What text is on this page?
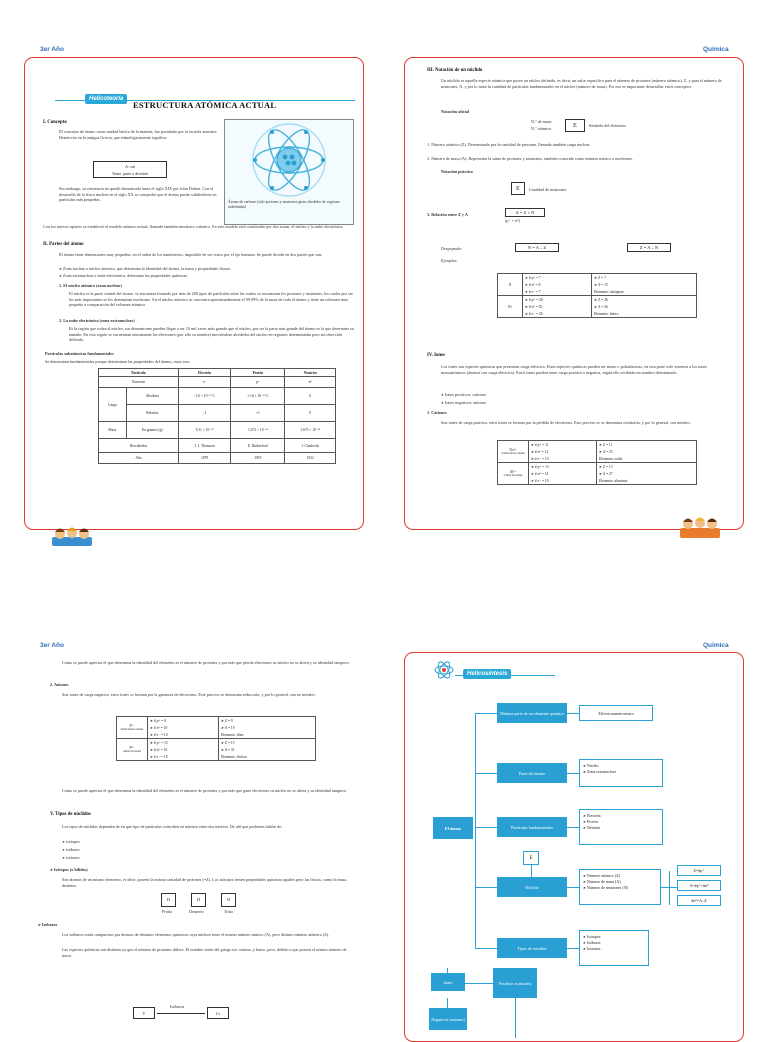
3er Año	Química
3er Año	Química
Helicoteoría
ESTRUCTURA ATÓMICA ACTUAL
I. Concepto
El concepto de átomo como unidad básica de la materia, fue postulado por la escuela atomista Demócrito en la antigua Grecia, que etimológicamente significa:
A: sin
Tomo: parte o división
Sin embargo, su existencia no quedó demostrada hasta el siglo XIX por John Dalton. Con el desarrollo de la física nuclear en el siglo XX se comprobó que el átomo puede subdividirse en partículas más pequeñas.	Átomo de carbono (sólo protones y neutrones giran alrededor de regiones indefinidas)
Con los nuevos aportes se estableció el modelo atómico actual, llamado también mecánico cuántico. En este modelo está constituido por dos zonas: el núcleo y la nube electrónica.
II. Partes del átomo
El átomo tiene dimensiones muy pequeñas, en el orden de los nanómetros, imposible de ser vistos por el ojo humano. Se puede dividir en dos partes que son:
➤ Zona nuclear o núcleo atómico, que determina la identidad del átomo, la masa y propiedades físicas.
➤ Zona extranuclear o nube electrónica, determina las propiedades químicas.
1. El núcleo atómico (zona nuclear)
El núcleo es la parte central del átomo, se encuentra formado por más de 200 tipos de partículas entre las cuales se encuentran los protones y neutrones, los cuales por ser los más importantes se les denominan nucleones. En el núcleo atómico se concentra aproximadamente el 99,99% de la masa de todo el átomo y tiene un volumen muy pequeño a comparación del volumen atómico.
2. La nube electrónica (zona extranuclear)
Es la región que rodea al núcleo, sus dimensiones pueden llegar a ser 10 mil veces más grande que el núcleo, por ser la parte más grande del átomo es la que determina su tamaño. En esta región se encuentran únicamente los electrones (por ello su nombre) moviéndose alrededor del núcleo en regiones determinadas pero sin dirección definida.
Partículas subatómicas fundamentales
Se denominan fundamentales porque determinan las propiedades del átomo, estas son:
Partícula		Electrón	Protón	Neutrón
Notación		e⁻	p⁺	n⁰
Carga	Absoluta	-1,6 × 10⁻¹⁹ C	+1,6 × 10⁻¹⁹ C	0
	Relativa	–1	+1	0
Masa	En gramos (g)	9,11 × 10⁻²⁸	1,672 × 10⁻²⁴	1,675 × 10⁻²⁴
Descubridor		J. J. Thomson	E. Rutherford	J. Chadwick
Año		1879	1919	1932
III. Notación de un núclido
Un núclido es aquella especie atómica que posee un núcleo definido, es decir, un valor específico para el número de protones (número atómico), Z, y para el número de neutrones, N, y por lo tanto la cantidad de partículas fundamentales en el núcleo (número de masa). Por eso es importante desarrollar estos conceptos.
Notación oficial
N.° de masa
N.° atómico	E	Símbolo del elemento
1. Número atómico (Z). Determinado por la cantidad de protones, llamada también carga nuclear.
2. Número de masa (A). Representa la suma de protones y neutrones, también conocido como número másico o nucleones.
Notación práctica
E	Cantidad de neutrones
3. Relación entre Z y A	A = Z + N
(p⁺ + n⁰)
Despejando:	N = A – Z	Z = A – N
Ejemplos
N	➤ # p⁺ = 7	➤ Z = 7
	➤ # n⁰ = 8	➤ A = 15
	➤ # e⁻ = 7	Elemento: nitrógeno
Fe	➤ # p⁺ = 26	➤ Z = 26
	➤ # n⁰ = 30	➤ A = 56
	➤ # e⁻ = 26	Elemento: hierro
IV. Iones
Los iones son especies químicas que presentan carga eléctrica. Estas especies químicas pueden ser mono o poliatómicas, en esta parte solo veremos a los iones monoatómicos (átomos con carga eléctrica). Estos iones pueden tener carga positiva o negativa, según ello recibirán un nombre determinado.
➤ Iones positivos: cationes
➤ Iones negativos: aniones
1. Cationes
Son iones de carga positiva, estos iones se forman por la pérdida de electrones. Este proceso se se denomina oxidación, y por lo general, son metales.
Na¹⁺
Catión mono-valente	➤ # p⁺ = 11	➤ Z = 11
	➤ # n⁰ = 12	➤ A = 23
	➤ # e⁻ = 10	Elemento: sodio

Al³⁺
Catión trivalente	➤ # p⁺ = 13	➤ Z = 13
	➤ # n⁰ = 14	➤ A = 27
	➤ # e⁻ = 10	Elemento: aluminio
Como se puede apreciar el que determina la identidad del elemento es el número de protones y por más que pierda electrones su núcleo no se altera y su identidad tampoco.
2. Aniones
Son iones de carga negativa, estos iones se forman por la ganancia de electrones. Este proceso se denomina reducción, y por lo general, son no metales.
F¹⁻
Anión mono-valente	➤ # p⁺ = 9	➤ Z = 9
	➤ # n⁰ = 10	➤ A = 19
	➤ # e⁻ = 10	Elemento: flúor

P³⁻
Anión trivalente	➤ # p⁺ = 15	➤ Z = 15
	➤ # n⁰ = 16	➤ A = 31
	➤ # e⁻ = 18	Elemento: fósforo
Como se puede apreciar el que determina la identidad del elemento es el número de protones y por más que gane electrones su núcleo no se altera y su identidad tampoco.
V. Tipos de núclidos
Los tipos de núclidos dependen de en qué tipo de partículas coinciden en número entre dos núcleos. De ahí que podemos hablar de:
➤ isótopos
➤ isóbaros
➤ isótonos
➤ Isótopos (o hílidos)
Son átomos de un mismo elemento, es decir, poseen la misma cantidad de protones (=Z). Los isótopos tienen propiedades químicas iguales pero las físicas, como la masa, distintas.
H	H	H
Protio	Deuterio	Tritio
➤ Isóbaros
Los isóbaros están compuestos por átomos de distintos elementos químicos cuya núcleos tiene el mismo número másico (A), pero distinto número atómico (Z).
Las especies químicas son distintas ya que el número de protones difiere. El nombre viene del griego iso: mismo, y baros: peso, debido a que poseen el mismo número de masa.
V
Isóbaros
Cr
Helicosíntesis
El átomo
Mínima parte de un elemento químico	Eléctricamente neutro
Parte del átomo
➤ Núcleo
➤ Zona extranuclear
Partículas fundamentales
➤ Electrón
➤ Protón
➤ Neutrón
E
Núclido
➤ Número atómico (Z)
➤ Número de masa (A)
➤ Número de neutrones (N)
Z=#p⁺
A=#p⁺+#n⁰
#n⁰=A–Z
Tipos de núclidos
➤ Isótopos
➤ Isóbaros
➤ Isótonos
Iones	Positivos (cationes)
Negativos (aniones)
